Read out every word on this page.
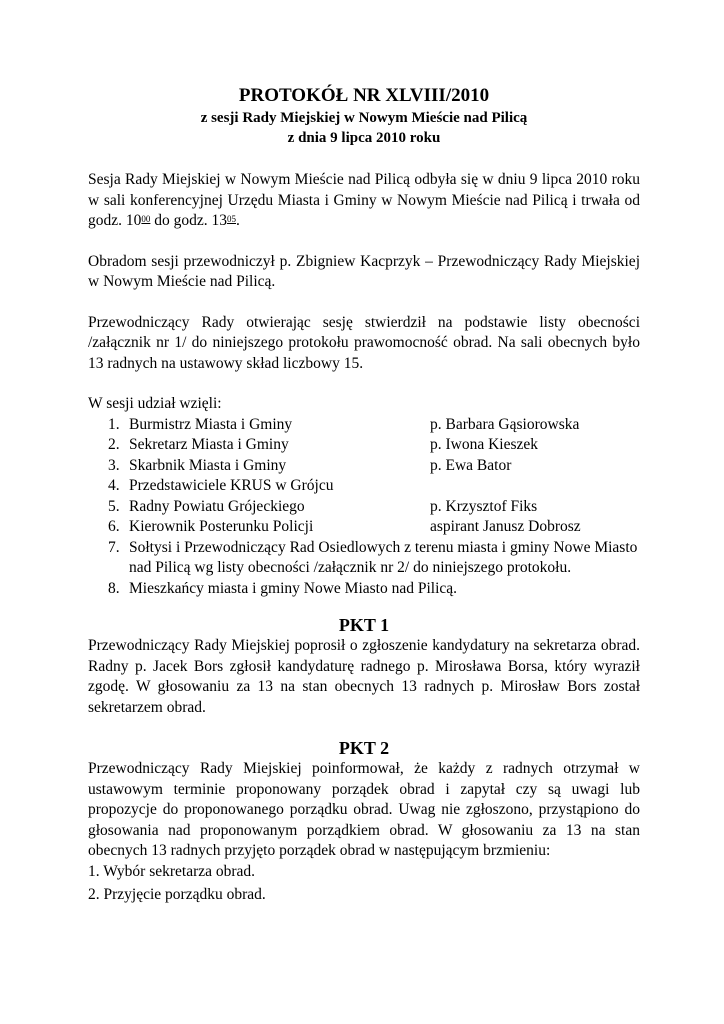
PROTOKÓŁ NR XLVIII/2010

z sesji Rady Miejskiej w Nowym Mieście nad Pilicą

z dnia 9 lipca 2010 roku

Sesja Rady Miejskiej w Nowym Mieście nad Pilicą odbyła się w dniu 9 lipca 2010 roku w sali konferencyjnej Urzędu Miasta i Gminy w Nowym Mieście nad Pilicą i trwała od godz. $10^{00}$ do godz. $13^{05}$.

Obradom sesji przewodniczył p. Zbigniew Kacprzyk – Przewodniczący Rady Miejskiej w Nowym Mieście nad Pilicą.

Przewodniczący Rady otwierając sesję stwierdził na podstawie listy obecności /załącznik nr 1/ do niniejszego protokołu prawomocność obrad. Na sali obecnych było 13 radnych na ustawowy skład liczbowy 15.

W sesji udział wzięli:

1. Burmistrz Miasta i Gminy	p. Barbara Gąsiorowska
2. Sekretarz Miasta i Gminy	p. Iwona Kieszek
3. Skarbnik Miasta i Gminy	p. Ewa Bator
4. Przedstawiciele KRUS w Grójcu
5. Radny Powiatu Grójeckiego	p. Krzysztof Fiks
6. Kierownik Posterunku Policji	aspirant Janusz Dobrosz
7. Sołtysi i Przewodniczący Rad Osiedlowych z terenu miasta i gminy Nowe Miasto nad Pilicą wg listy obecności /załącznik nr 2/ do niniejszego protokołu.
8. Mieszkańcy miasta i gminy Nowe Miasto nad Pilicą.

PKT 1

Przewodniczący Rady Miejskiej poprosił o zgłoszenie kandydatury na sekretarza obrad. Radny p. Jacek Bors zgłosił kandydaturę radnego p. Mirosława Borsa, który wyraził zgodę. W głosowaniu za 13 na stan obecnych 13 radnych p. Mirosław Bors został sekretarzem obrad.

PKT 2

Przewodniczący Rady Miejskiej poinformował, że każdy z radnych otrzymał w ustawowym terminie proponowany porządek obrad i zapytał czy są uwagi lub propozycje do proponowanego porządku obrad. Uwag nie zgłoszono, przystąpiono do głosowania nad proponowanym porządkiem obrad. W głosowaniu za 13 na stan obecnych 13 radnych przyjęto porządek obrad w następującym brzmieniu:

1. Wybór sekretarza obrad.

2. Przyjęcie porządku obrad.
